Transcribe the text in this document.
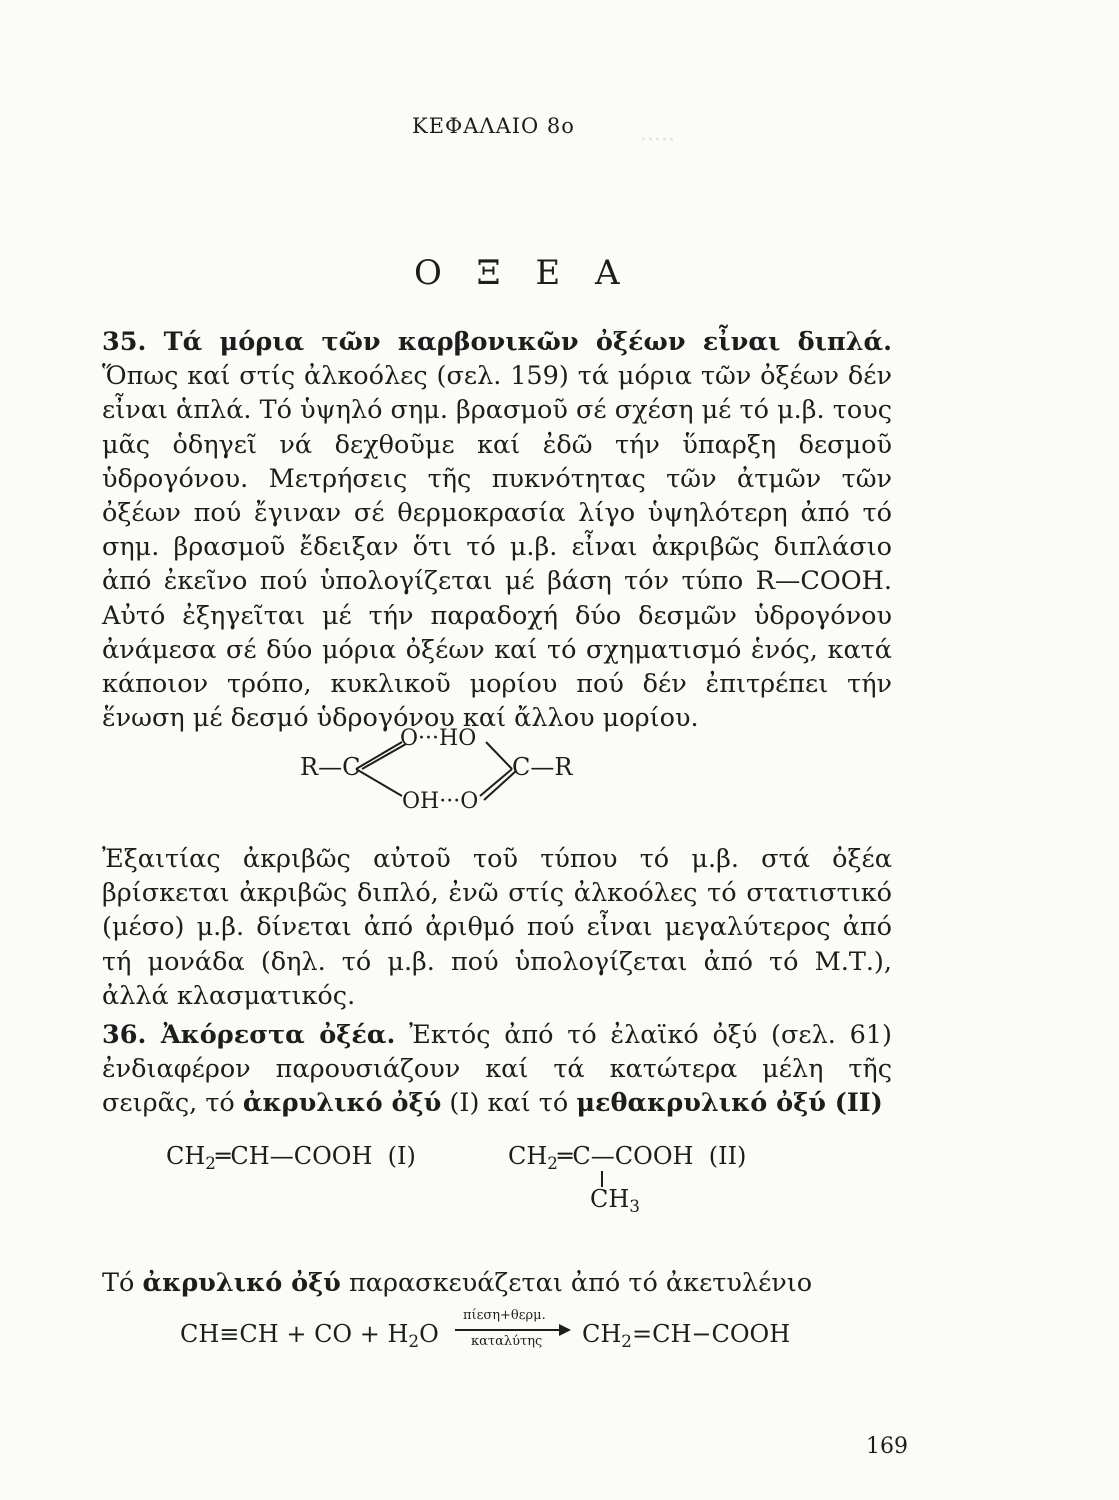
·····
ΚΕΦΑΛΑΙΟ 8ο
Ο Ξ Ε Α
35. Τά μόρια τῶν καρβονικῶν ὀξέων εἶναι διπλά. Ὅπως καί στίς ἀλκοόλες (σελ. 159) τά μόρια τῶν ὀξέων δέν εἶναι ἁπλά. Τό ὑψηλό σημ. βρασμοῦ σέ σχέση μέ τό μ.β. τους μᾶς ὁδηγεῖ νά δεχθοῦμε καί ἐδῶ τήν ὕπαρξη δεσμοῦ ὑδρογόνου. Μετρήσεις τῆς πυκνότητας τῶν ἀτμῶν τῶν ὀξέων πού ἔγιναν σέ θερμοκρασία λίγο ὑψηλότερη ἀπό τό σημ. βρασμοῦ ἔδειξαν ὅτι τό μ.β. εἶναι ἀκριβῶς διπλάσιο ἀπό ἐκεῖνο πού ὑπολογίζεται μέ βάση τόν τύπο R—COOH. Αὐτό ἐξηγεῖται μέ τήν παραδοχή δύο δεσμῶν ὑδρογόνου ἀνάμεσα σέ δύο μόρια ὀξέων καί τό σχηματισμό ἑνός, κατά κάποιον τρόπο, κυκλικοῦ μορίου πού δέν ἐπιτρέπει τήν ἕνωση μέ δεσμό ὑδρογόνου καί ἄλλου μορίου.
R—C
O···HO
OH···O
C—R
Ἐξαιτίας ἀκριβῶς αὐτοῦ τοῦ τύπου τό μ.β. στά ὀξέα βρίσκεται ἀκριβῶς διπλό, ἐνῶ στίς ἀλκοόλες τό στατιστικό (μέσο) μ.β. δίνεται ἀπό ἀριθμό πού εἶναι μεγαλύτερος ἀπό τή μονάδα (δηλ. τό μ.β. πού ὑπολογίζεται ἀπό τό Μ.Τ.), ἀλλά κλασματικός.
36. Ἀκόρεστα ὀξέα. Ἐκτός ἀπό τό ἐλαϊκό ὀξύ (σελ. 61) ἐνδιαφέρον παρουσιάζουν καί τά κατώτερα μέλη τῆς σειρᾶς, τό ἀκρυλικό ὀξύ (Ι) καί τό μεθακρυλικό ὀξύ (ΙΙ)
$CH_2═CH—COOH$ (Ι)	$CH_2═C—COOH$ (ΙΙ)
$CH_3$
Τό ἀκρυλικό ὀξύ παρασκευάζεται ἀπό τό ἀκετυλένιο
CH≡CH + CO + $H_2O$
πίεση+θερμ.
καταλύτης $CH_2=CH-COOH$
169
